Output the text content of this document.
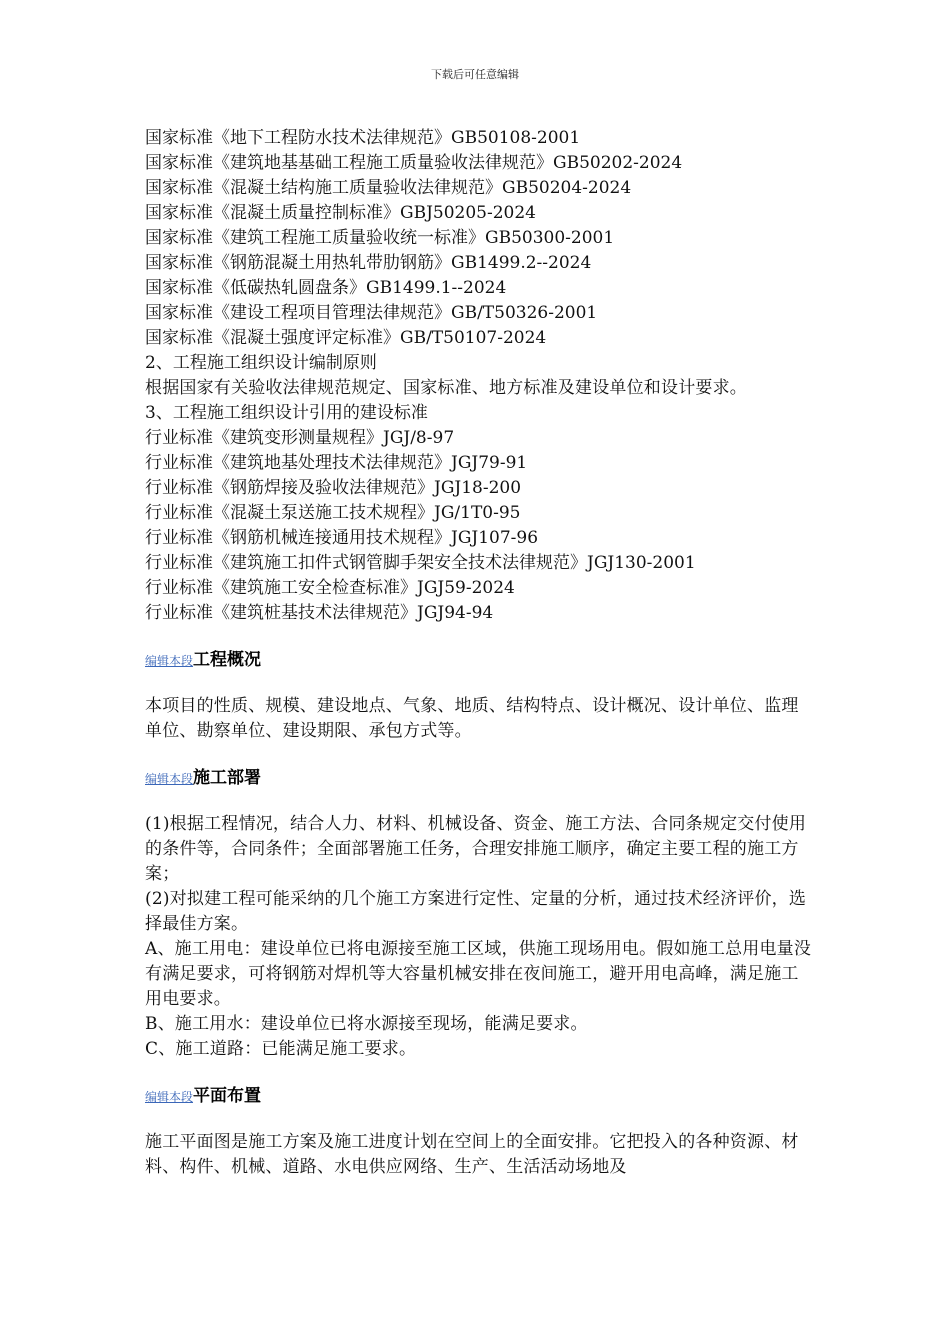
下载后可任意编辑
国家标准《地下工程防水技术法律规范》GB50108-2001
国家标准《建筑地基基础工程施工质量验收法律规范》GB50202-2024
国家标准《混凝土结构施工质量验收法律规范》GB50204-2024
国家标准《混凝土质量控制标准》GBJ50205-2024
国家标准《建筑工程施工质量验收统一标准》GB50300-2001
国家标准《钢筋混凝土用热轧带肋钢筋》GB1499.2--2024
国家标准《低碳热轧圆盘条》GB1499.1--2024
国家标准《建设工程项目管理法律规范》GB/T50326-2001
国家标准《混凝土强度评定标准》GB/T50107-2024
2、工程施工组织设计编制原则
根据国家有关验收法律规范规定、国家标准、地方标准及建设单位和设计要求。
3、工程施工组织设计引用的建设标准
行业标准《建筑变形测量规程》JGJ/8-97
行业标准《建筑地基处理技术法律规范》JGJ79-91
行业标准《钢筋焊接及验收法律规范》JGJ18-200
行业标准《混凝土泵送施工技术规程》JG/1T0-95
行业标准《钢筋机械连接通用技术规程》JGJ107-96
行业标准《建筑施工扣件式钢管脚手架安全技术法律规范》JGJ130-2001
行业标准《建筑施工安全检查标准》JGJ59-2024
行业标准《建筑桩基技术法律规范》JGJ94-94
编辑本段工程概况
本项目的性质、规模、建设地点、气象、地质、结构特点、设计概况、设计单位、监理单位、勘察单位、建设期限、承包方式等。
编辑本段施工部署
(1)根据工程情况，结合人力、材料、机械设备、资金、施工方法、合同条规定交付使用的条件等，合同条件；全面部署施工任务，合理安排施工顺序，确定主要工程的施工方案；
(2)对拟建工程可能采纳的几个施工方案进行定性、定量的分析，通过技术经济评价，选择最佳方案。
A、施工用电：建设单位已将电源接至施工区域，供施工现场用电。假如施工总用电量没有满足要求，可将钢筋对焊机等大容量机械安排在夜间施工，避开用电高峰，满足施工用电要求。
B、施工用水：建设单位已将水源接至现场，能满足要求。
C、施工道路：已能满足施工要求。
编辑本段平面布置
施工平面图是施工方案及施工进度计划在空间上的全面安排。它把投入的各种资源、材料、构件、机械、道路、水电供应网络、生产、生活活动场地及
